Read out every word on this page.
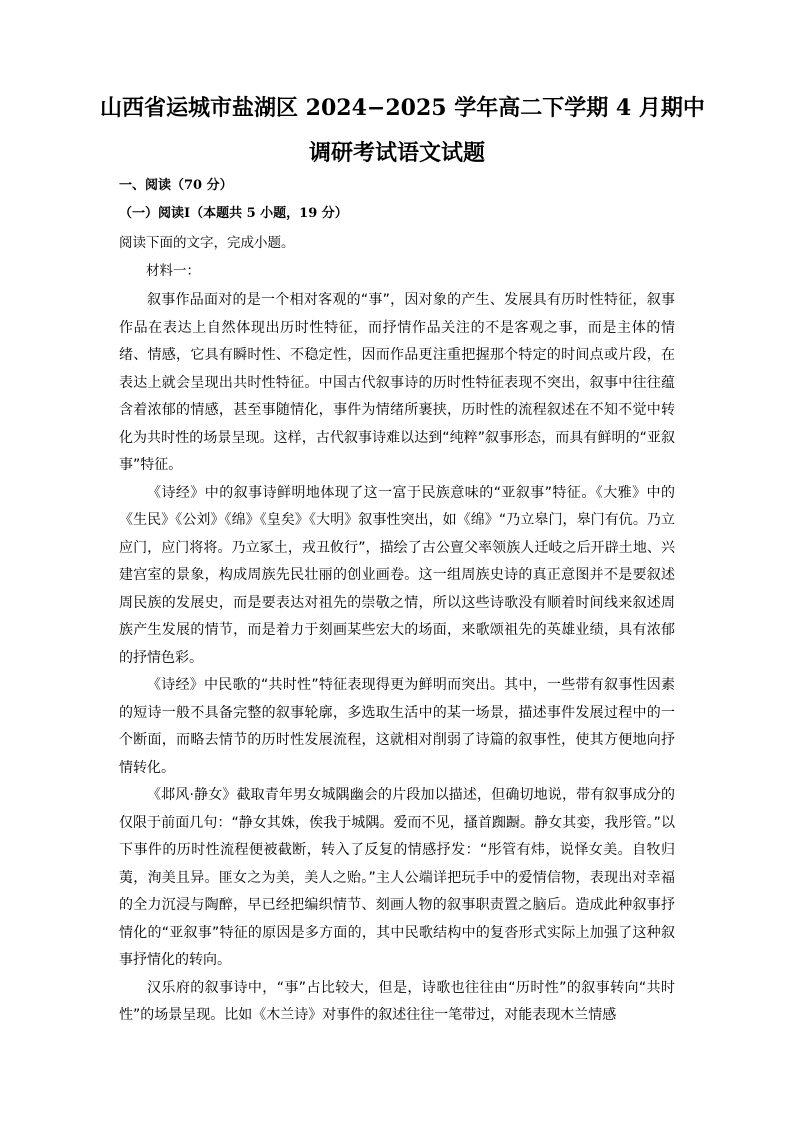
山西省运城市盐湖区 2024−2025 学年高二下学期 4 月期中
调研考试语文试题
一、阅读（70 分）
（一）阅读Ⅰ（本题共 5 小题，19 分）
阅读下面的文字，完成小题。
材料一：

叙事作品面对的是一个相对客观的“事”，因对象的产生、发展具有历时性特征，叙事作品在表达上自然体现出历时性特征，而抒情作品关注的不是客观之事，而是主体的情绪、情感，它具有瞬时性、不稳定性，因而作品更注重把握那个特定的时间点或片段，在表达上就会呈现出共时性特征。中国古代叙事诗的历时性特征表现不突出，叙事中往往蕴含着浓郁的情感，甚至事随情化，事件为情绪所裹挟，历时性的流程叙述在不知不觉中转化为共时性的场景呈现。这样，古代叙事诗难以达到“纯粹”叙事形态，而具有鲜明的“亚叙事”特征。

《诗经》中的叙事诗鲜明地体现了这一富于民族意味的“亚叙事”特征。《大雅》中的《生民》《公刘》《绵》《皇矣》《大明》叙事性突出，如《绵》“乃立皋门，皋门有伉。乃立应门，应门将将。乃立冢土，戎丑攸行”，描绘了古公亶父率领族人迁岐之后开辟土地、兴建宫室的景象，构成周族先民壮丽的创业画卷。这一组周族史诗的真正意图并不是要叙述周民族的发展史，而是要表达对祖先的崇敬之情，所以这些诗歌没有顺着时间线来叙述周族产生发展的情节，而是着力于刻画某些宏大的场面，来歌颂祖先的英雄业绩，具有浓郁的抒情色彩。

《诗经》中民歌的“共时性”特征表现得更为鲜明而突出。其中，一些带有叙事性因素的短诗一般不具备完整的叙事轮廓，多选取生活中的某一场景，描述事件发展过程中的一个断面，而略去情节的历时性发展流程，这就相对削弱了诗篇的叙事性，使其方便地向抒情转化。

《邶风·静女》截取青年男女城隅幽会的片段加以描述，但确切地说，带有叙事成分的仅限于前面几句：“静女其姝，俟我于城隅。爱而不见，搔首踟蹰。静女其娈，我彤管。”以下事件的历时性流程便被截断，转入了反复的情感抒发：“彤管有炜，说怿女美。自牧归荑，洵美且异。匪女之为美，美人之贻。”主人公端详把玩手中的爱情信物，表现出对幸福的全力沉浸与陶醉，早已经把编织情节、刻画人物的叙事职责置之脑后。造成此种叙事抒情化的“亚叙事”特征的原因是多方面的，其中民歌结构中的复沓形式实际上加强了这种叙事抒情化的转向。

汉乐府的叙事诗中，“事”占比较大，但是，诗歌也往往由“历时性”的叙事转向“共时性”的场景呈现。比如《木兰诗》对事件的叙述往往一笔带过，对能表现木兰情感
